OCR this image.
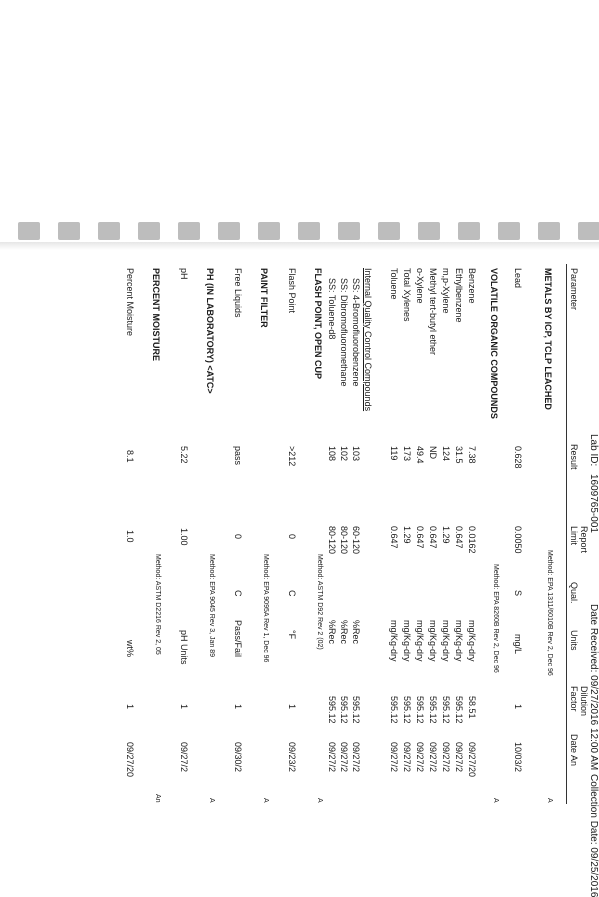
Lab ID:
1609765-001
Date Received: 09/27/2016 12:00 AM
Collection Date: 09/25/2016
Parameter
Result
Report
Limit
Qual.
Units
Dilution
Factor
Date An
METALS BY ICP, TCLP LEACHED
Method: EPA 1311/6010B Rev 2, Dec 96
A
Lead
0.628
0.0050
S
mg/L
1
10/03/2
VOLATILE ORGANIC COMPOUNDS
Method: EPA 8260B Rev 2, Dec 96
A
Internal Quality Control Compounds
FLASH POINT, OPEN CUP
Method: ASTM D92 Rev 2 (02)
A
Flash Point
>212
0
C
°F
1
09/23/2
PAINT FILTER
Method: EPA 9095A Rev 1, Dec 96
A
Free Liquids
pass
0
C
Pass/Fail
1
09/30/2
PH (IN LABORATORY) <ATC>
Method: EPA 9045 Rev 3, Jan 89
A
pH
5.22
1.00
pH Units
1
09/27/2
PERCENT MOISTURE
Method: ASTM D2216 Rev 2, 05
An
Percent Moisture
8.1
1.0
wt%
1
09/27/20
Benzene
7.38
0.0162
mg/Kg-dry
58.51
09/27/20
Ethylbenzene
31.5
0.647
mg/Kg-dry
595.12
09/27/2
m,p-Xylene
124
1.29
mg/Kg-dry
595.12
09/27/2
Methyl tert-butyl ether
ND
0.647
mg/Kg-dry
595.12
09/27/2
o-Xylene
49.4
0.647
mg/Kg-dry
595.12
09/27/2
Total Xylenes
173
1.29
mg/Kg-dry
595.12
09/27/2
Toluene
119
0.647
mg/Kg-dry
595.12
09/27/2
SS: 4-Bromofluorobenzene
103
60-120
%Rec
595.12
09/27/2
SS: Dibromofluoromethane
102
80-120
%Rec
595.12
09/27/2
SS: Toluene-d8
108
80-120
%Rec
595.12
09/27/2
